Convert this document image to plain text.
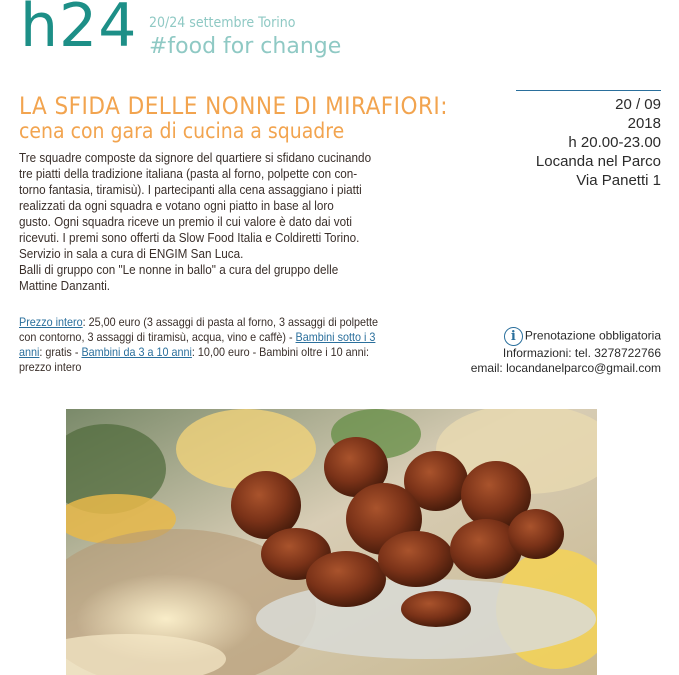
h24 20/24 settembre Torino
#food for change
LA SFIDA DELLE NONNE DI MIRAFIORI:
cena con gara di cucina a squadre

Tre squadre composte da signore del quartiere si sfidano cucinando

tre piatti della tradizione italiana (pasta al forno, polpette con con-

torno fantasia, tiramisù). I partecipanti alla cena assaggiano i piatti

realizzati da ogni squadra e votano ogni piatto in base al loro

gusto. Ogni squadra riceve un premio il cui valore è dato dai voti

ricevuti. I premi sono offerti da Slow Food Italia e Coldiretti Torino.

Servizio in sala a cura di ENGIM San Luca.

Balli di gruppo con "Le nonne in ballo" a cura del gruppo delle

Mattine Danzanti.

Prezzo intero: 25,00 euro (3 assaggi di pasta al forno, 3 assaggi di polpette

con contorno, 3 assaggi di tiramisù, acqua, vino e caffè) - Bambini sotto i 3

anni: gratis - Bambini da 3 a 10 anni: 10,00 euro - Bambini oltre i 10 anni:

prezzo intero

20 / 09
2018
h 20.00-23.00
Locanda nel Parco
Via Panetti 1
i Prenotazione obbligatoria
Informazioni: tel. 3278722766
email: locandanelparco@gmail.com
